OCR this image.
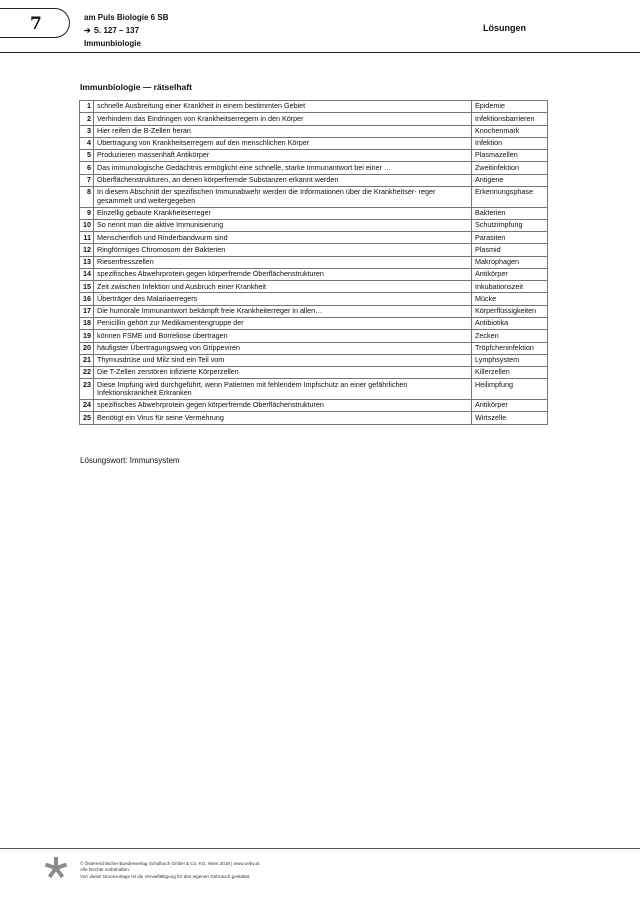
7	am Puls Biologie 6 SB
➔ S. 127 – 137
Immunbiologie
Lösungen
Immunbiologie — rätselhaft
1	schnelle Ausbreitung einer Krankheit in einem bestimmten Gebiet	Epidemie
2	Verhindern das Eindringen von Krankheitserregern in den Körper	Infektionsbarrieren
3	Hier reifen die B-Zellen heran	Knochenmark
4	Übertragung von Krankheitserregern auf den menschlichen Körper	Infektion
5	Produzieren massenhaft Antikörper	Plasmazellen
6	Das immunologische Gedächtnis ermöglicht eine schnelle, starke Immunantwort bei einer …	Zweitinfektion
7	Oberflächenstrukturen, an denen körperfremde Substanzen erkannt werden	Antigene
8	In diesem Abschnitt der spezifischen Immunabwehr werden die Informationen über die Krankheitser- reger gesammelt und weitergegeben	Erkennungsphase
9	Einzellig gebaute Krankheitserreger	Bakterien
10	So nennt man die aktive Immunisierung	Schutzimpfung
11	Menschenfloh und Rinderbandwurm sind	Parasiten
12	Ringförmiges Chromosom der Bakterien	Plasmid
13	Riesenfresszellen	Makrophagen
14	spezifisches Abwehrprotein gegen körperfremde Oberflächenstrukturen	Antikörper
15	Zeit zwischen Infektion und Ausbruch einer Krankheit	Inkubationszeit
16	Überträger des Malariaerregers	Mücke
17	Die humorale Immunantwort bekämpft freie Krankheiterreger in allen…	Körperflüssigkeiten
18	Penicillin gehört zur Medikamentengruppe der	Antibiotika
19	können FSME und Borreliose übertragen	Zecken
20	häufigster Übertragungsweg von Grippeviren	Tröpfcheninfektion
21	Thymusdrüse und Milz sind ein Teil vom	Lymphsystem
22	Die T-Zellen zerstören infizierte Körperzellen	Killerzellen
23	Diese Impfung wird durchgeführt, wenn Patienten mit fehlendem Impfschutz an einer gefährlichen Infektionskrankheit Erkranken	Heilimpfung
24	spezifisches Abwehrprotein gegen körperfremde Oberflächenstrukturen	Antikörper
25	Benötigt ein Virus für seine Vermehrung	Wirtszelle
Lösungswort: Immunsystem
© Österreichischer Bundesverlag Schulbuch GmbH & Co. KG, Wien 2018 | www.oebv.at
Alle Rechte vorbehalten.
Von dieser Druckvorlage ist die Vervielfältigung für den eigenen Gebrauch gestattet.
